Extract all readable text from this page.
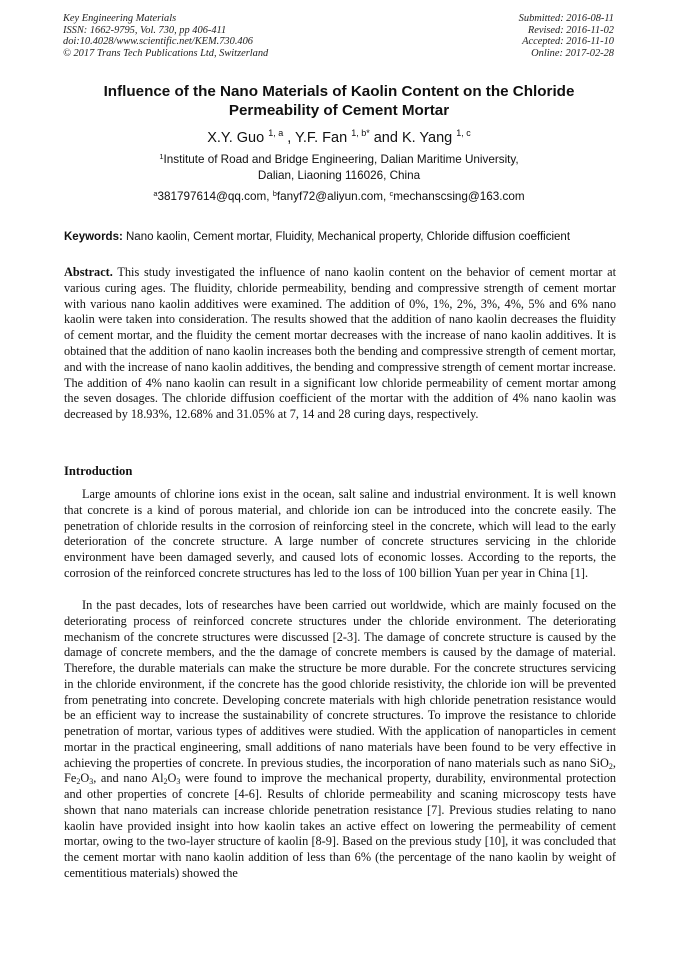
Key Engineering Materials
ISSN: 1662-9795, Vol. 730, pp 406-411
doi:10.4028/www.scientific.net/KEM.730.406
© 2017 Trans Tech Publications Ltd, Switzerland
Submitted: 2016-08-11
Revised: 2016-11-02
Accepted: 2016-11-10
Online: 2017-02-28
Influence of the Nano Materials of Kaolin Content on the Chloride
Permeability of Cement Mortar
X.Y. Guo $^{1, a}$ , Y.F. Fan $^{1, b*}$ and K. Yang $^{1, c}$
$^1$Institute of Road and Bridge Engineering, Dalian Maritime University,
Dalian, Liaoning 116026, China
$^a$381797614@qq.com, $^b$fanyf72@aliyun.com, $^c$mechanscsing@163.com
Keywords: Nano kaolin, Cement mortar, Fluidity, Mechanical property, Chloride diffusion coefficient
Abstract. This study investigated the influence of nano kaolin content on the behavior of cement mortar at various curing ages. The fluidity, chloride permeability, bending and compressive strength of cement mortar with various nano kaolin additives were examined. The addition of 0%, 1%, 2%, 3%, 4%, 5% and 6% nano kaolin were taken into consideration. The results showed that the addition of nano kaolin decreases the fluidity of cement mortar, and the fluidity the cement mortar decreases with the increase of nano kaolin additives. It is obtained that the addition of nano kaolin increases both the bending and compressive strength of cement mortar, and with the increase of nano kaolin additives, the bending and compressive strength of cement mortar increase. The addition of 4% nano kaolin can result in a significant low chloride permeability of cement mortar among the seven dosages. The chloride diffusion coefficient of the mortar with the addition of 4% nano kaolin was decreased by 18.93%, 12.68% and 31.05% at 7, 14 and 28 curing days, respectively.
Introduction
Large amounts of chlorine ions exist in the ocean, salt saline and industrial environment. It is well known that concrete is a kind of porous material, and chloride ion can be introduced into the concrete easily. The penetration of chloride results in the corrosion of reinforcing steel in the concrete, which will lead to the early deterioration of the concrete structure. A large number of concrete structures servicing in the chloride environment have been damaged severly, and caused lots of economic losses. According to the reports, the corrosion of the reinforced concrete structures has led to the loss of 100 billion Yuan per year in China [1].
In the past decades, lots of researches have been carried out worldwide, which are mainly focused on the deteriorating process of reinforced concrete structures under the chloride environment. The deteriorating mechanism of the concrete structures were discussed [2-3]. The damage of concrete structure is caused by the damage of concrete members, and the the damage of concrete members is caused by the damage of material. Therefore, the durable materials can make the structure be more durable. For the concrete structures servicing in the chloride environment, if the concrete has the good chloride resistivity, the chloride ion will be prevented from penetrating into concrete. Developing concrete materials with high chloride penetration resistance would be an efficient way to increase the sustainability of concrete structures. To improve the resistance to chloride penetration of mortar, various types of additives were studied. With the application of nanoparticles in cement mortar in the practical engineering, small additions of nano materials have been found to be very effective in achieving the properties of concrete. In previous studies, the incorporation of nano materials such as nano SiO$_2$, $Fe_2O_3$, and nano $Al_2O_3$ were found to improve the mechanical property, durability, environmental protection and other properties of concrete [4-6]. Results of chloride permeability and scaning microscopy tests have shown that nano materials can increase chloride penetration resistance [7]. Previous studies relating to nano kaolin have provided insight into how kaolin takes an active effect on lowering the permeability of cement mortar, owing to the two-layer structure of kaolin [8-9]. Based on the previous study [10], it was concluded that the cement mortar with nano kaolin addition of less than 6% (the percentage of the nano kaolin by weight of cementitious materials) showed the
